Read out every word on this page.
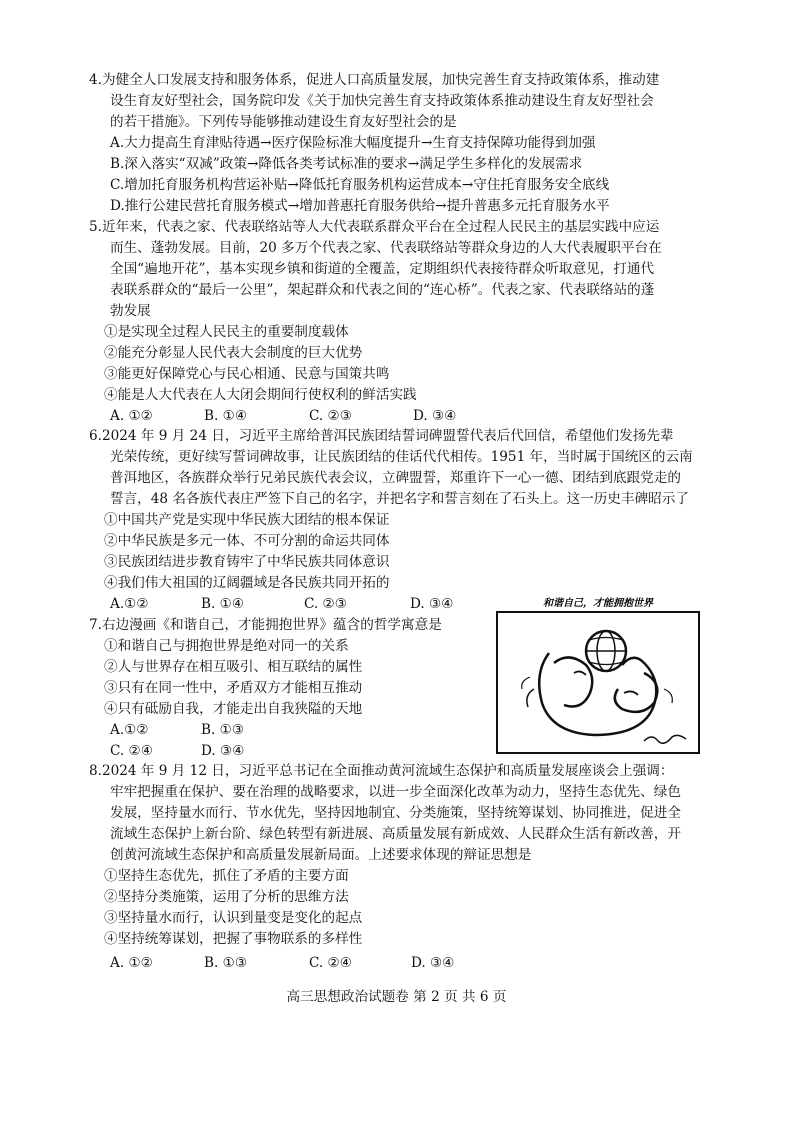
4.为健全人口发展支持和服务体系，促进人口高质量发展，加快完善生育支持政策体系，推动建
设生育友好型社会，国务院印发《关于加快完善生育支持政策体系推动建设生育友好型社会
的若干措施》。下列传导能够推动建设生育友好型社会的是
A.大力提高生育津贴待遇→医疗保险标准大幅度提升→生育支持保障功能得到加强
B.深入落实“双减”政策→降低各类考试标准的要求→满足学生多样化的发展需求
C.增加托育服务机构营运补贴→降低托育服务机构运营成本→守住托育服务安全底线
D.推行公建民营托育服务模式→增加普惠托育服务供给→提升普惠多元托育服务水平
5.近年来，代表之家、代表联络站等人大代表联系群众平台在全过程人民民主的基层实践中应运
而生、蓬勃发展。目前，20 多万个代表之家、代表联络站等群众身边的人大代表履职平台在
全国“遍地开花”，基本实现乡镇和街道的全覆盖，定期组织代表接待群众听取意见，打通代
表联系群众的“最后一公里”，架起群众和代表之间的“连心桥”。代表之家、代表联络站的蓬
勃发展
①是实现全过程人民民主的重要制度载体
②能充分彰显人民代表大会制度的巨大优势
③能更好保障党心与民心相通、民意与国策共鸣
④能是人大代表在人大闭会期间行使权利的鲜活实践
A. ①②	B. ①④	C. ②③	D. ③④
6.2024 年 9 月 24 日，习近平主席给普洱民族团结誓词碑盟誓代表后代回信，希望他们发扬先辈
光荣传统，更好续写誓词碑故事，让民族团结的佳话代代相传。1951 年，当时属于国统区的云南
普洱地区，各族群众举行兄弟民族代表会议，立碑盟誓，郑重许下一心一德、团结到底跟党走的
誓言，48 名各族代表庄严签下自己的名字，并把名字和誓言刻在了石头上。这一历史丰碑昭示了
①中国共产党是实现中华民族大团结的根本保证
②中华民族是多元一体、不可分割的命运共同体
③民族团结进步教育铸牢了中华民族共同体意识
④我们伟大祖国的辽阔疆域是各民族共同开拓的
A.①②	B. ①④	C. ②③	D. ③④
7.右边漫画《和谐自己，才能拥抱世界》蕴含的哲学寓意是
①和谐自己与拥抱世界是绝对同一的关系
②人与世界存在相互吸引、相互联结的属性
③只有在同一性中，矛盾双方才能相互推动
④只有砥励自我，才能走出自我狭隘的天地
A.①②	B. ①③
C. ②④	D. ③④
和谐自己，才能拥抱世界
8.2024 年 9 月 12 日，习近平总书记在全面推动黄河流域生态保护和高质量发展座谈会上强调：
牢牢把握重在保护、要在治理的战略要求，以进一步全面深化改革为动力，坚持生态优先、绿色
发展，坚持量水而行、节水优先，坚持因地制宜、分类施策，坚持统筹谋划、协同推进，促进全
流域生态保护上新台阶、绿色转型有新进展、高质量发展有新成效、人民群众生活有新改善，开
创黄河流域生态保护和高质量发展新局面。上述要求体现的辩证思想是
①坚持生态优先，抓住了矛盾的主要方面
②坚持分类施策，运用了分析的思维方法
③坚持量水而行，认识到量变是变化的起点
④坚持统筹谋划，把握了事物联系的多样性
A. ①②	B. ①③	C. ②④	D. ③④
高三思想政治试题卷 第 2 页 共 6 页
